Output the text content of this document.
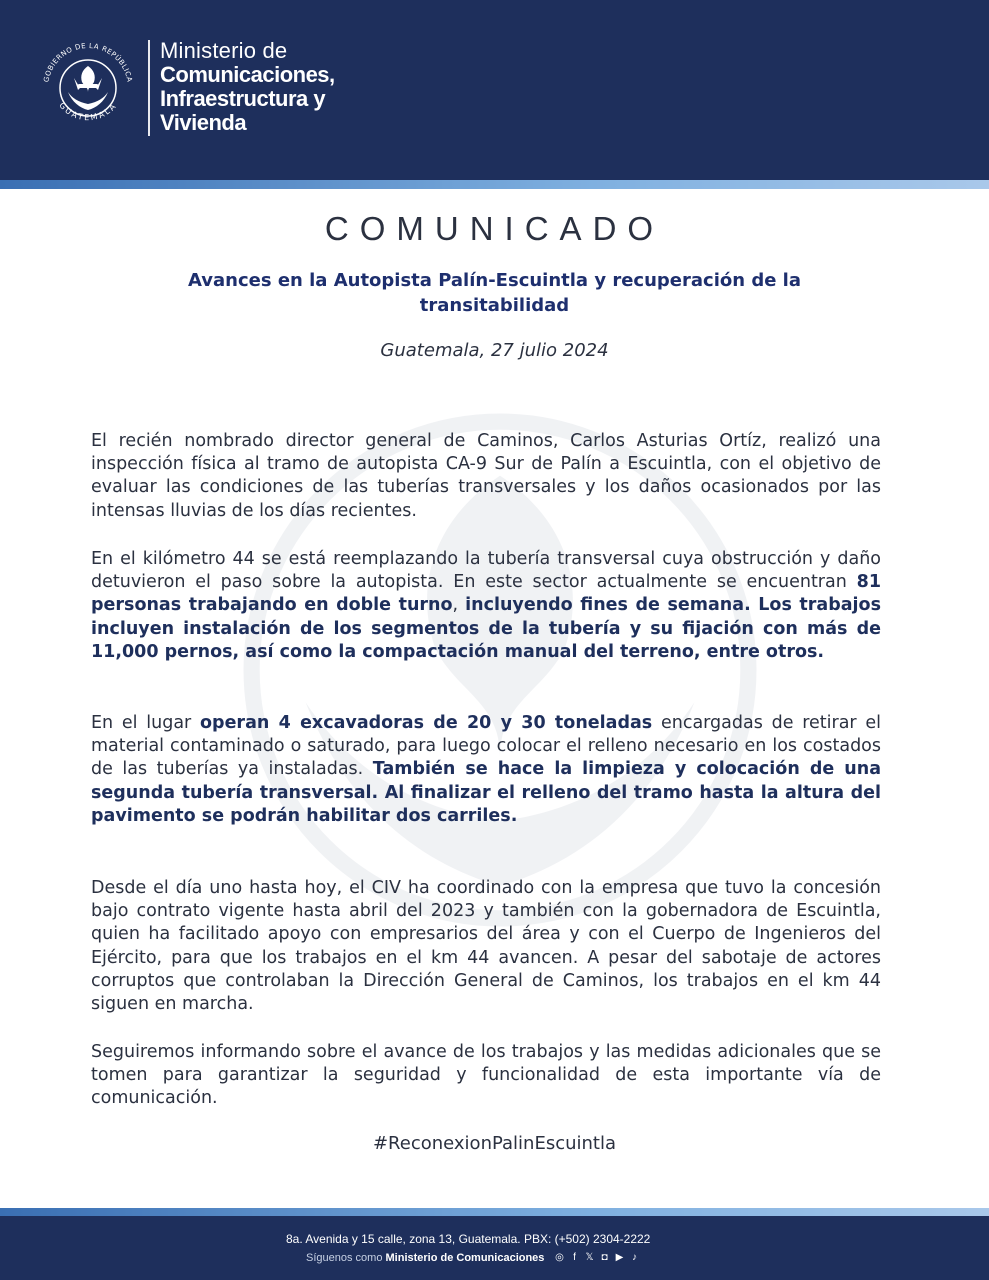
GOBIERNO DE LA REPÚBLICA
GUATEMALA
Ministerio de
Comunicaciones,
Infraestructura y
Vivienda
COMUNICADO
Avances en la Autopista Palín-Escuintla y recuperación de la
transitabilidad
Guatemala, 27 julio 2024
El recién nombrado director general de Caminos, Carlos Asturias Ortíz, realizó una inspección física al tramo de autopista CA-9 Sur de Palín a Escuintla, con el objetivo de evaluar las condiciones de las tuberías transversales y los daños ocasionados por las intensas lluvias de los días recientes.
En el kilómetro 44 se está reemplazando la tubería transversal cuya obstrucción y daño detuvieron el paso sobre la autopista. En este sector actualmente se encuentran 81 personas trabajando en doble turno, incluyendo fines de semana. Los trabajos incluyen instalación de los segmentos de la tubería y su fijación con más de 11,000 pernos, así como la compactación manual del terreno, entre otros.
En el lugar operan 4 excavadoras de 20 y 30 toneladas encargadas de retirar el material contaminado o saturado, para luego colocar el relleno necesario en los costados de las tuberías ya instaladas. También se hace la limpieza y colocación de una segunda tubería transversal. Al finalizar el relleno del tramo hasta la altura del pavimento se podrán habilitar dos carriles.
Desde el día uno hasta hoy, el CIV ha coordinado con la empresa que tuvo la concesión bajo contrato vigente hasta abril del 2023 y también con la gobernadora de Escuintla, quien ha facilitado apoyo con empresarios del área y con el Cuerpo de Ingenieros del Ejército, para que los trabajos en el km 44 avancen. A pesar del sabotaje de actores corruptos que controlaban la Dirección General de Caminos, los trabajos en el km 44 siguen en marcha.
Seguiremos informando sobre el avance de los trabajos y las medidas adicionales que se tomen para garantizar la seguridad y funcionalidad de esta importante vía de comunicación.
#ReconexionPalinEscuintla
8a. Avenida y 15 calle, zona 13, Guatemala. PBX: (+502) 2304-2222
Síguenos como Ministerio de Comunicaciones ◎ f 𝕏 ◘ ▶ ♪
